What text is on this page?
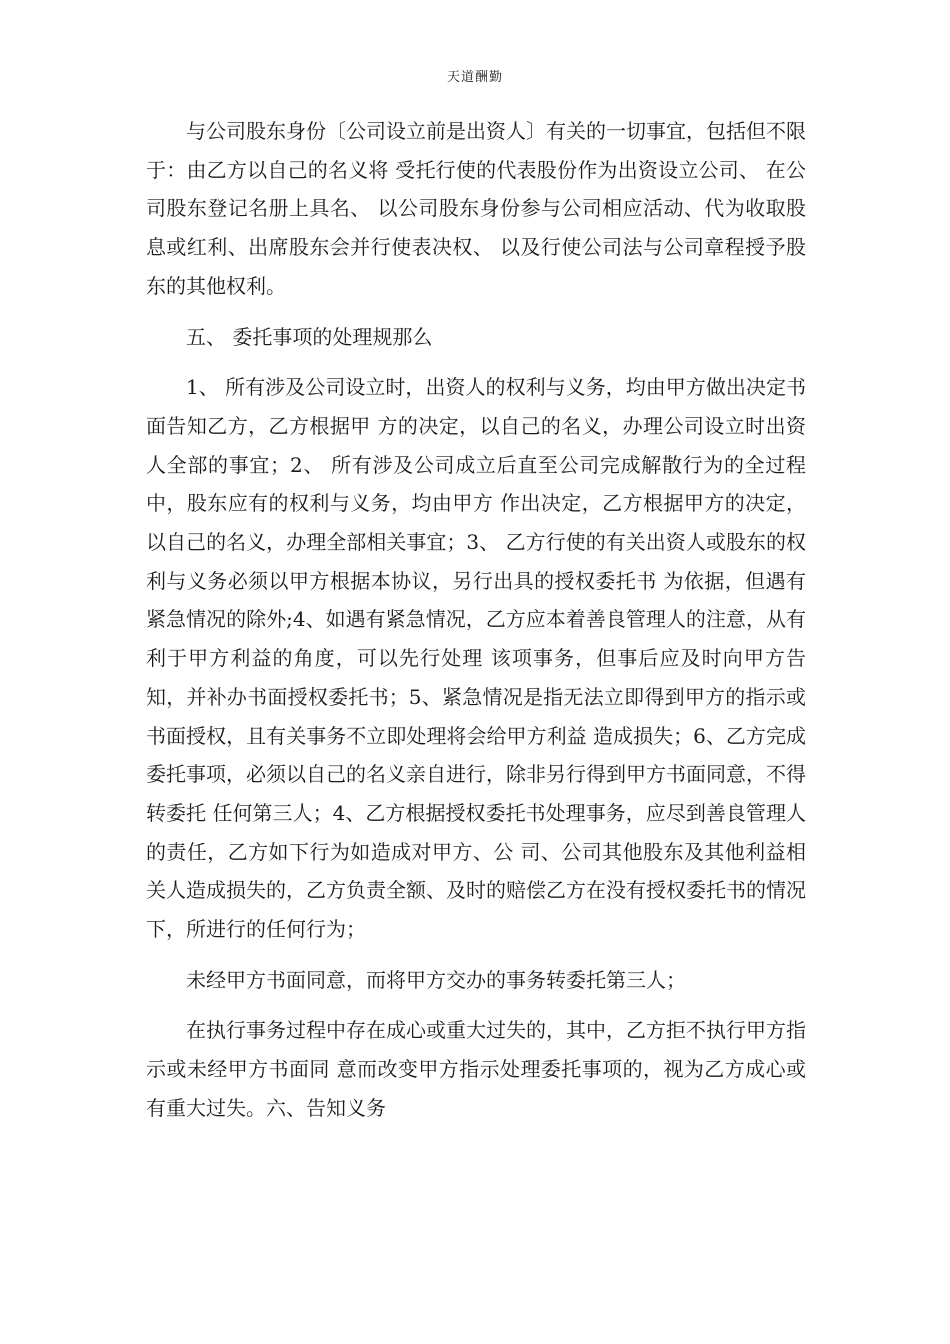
天道酬勤

与公司股东身份〔公司设立前是出资人〕有关的一切事宜，包括但不限于：由乙方以自己的名义将 受托行使的代表股份作为出资设立公司、 在公司股东登记名册上具名、 以公司股东身份参与公司相应活动、代为收取股息或红利、出席股东会并行使表决权、 以及行使公司法与公司章程授予股东的其他权利。

五、 委托事项的处理规那么

1、 所有涉及公司设立时，出资人的权利与义务，均由甲方做出决定书面告知乙方，乙方根据甲 方的决定，以自己的名义，办理公司设立时出资人全部的事宜；2、 所有涉及公司成立后直至公司完成解散行为的全过程中，股东应有的权利与义务，均由甲方 作出决定，乙方根据甲方的决定，以自己的名义，办理全部相关事宜；3、 乙方行使的有关出资人或股东的权利与义务必须以甲方根据本协议，另行出具的授权委托书 为依据，但遇有紧急情况的除外;4、如遇有紧急情况，乙方应本着善良管理人的注意，从有利于甲方利益的角度，可以先行处理 该项事务，但事后应及时向甲方告知，并补办书面授权委托书；5、紧急情况是指无法立即得到甲方的指示或书面授权，且有关事务不立即处理将会给甲方利益 造成损失；6、乙方完成委托事项，必须以自己的名义亲自进行，除非另行得到甲方书面同意，不得转委托 任何第三人；4、乙方根据授权委托书处理事务，应尽到善良管理人的责任，乙方如下行为如造成对甲方、公 司、公司其他股东及其他利益相关人造成损失的，乙方负责全额、及时的赔偿乙方在没有授权委托书的情况下，所进行的任何行为；

未经甲方书面同意，而将甲方交办的事务转委托第三人；

在执行事务过程中存在成心或重大过失的，其中，乙方拒不执行甲方指示或未经甲方书面同 意而改变甲方指示处理委托事项的，视为乙方成心或有重大过失。六、告知义务
